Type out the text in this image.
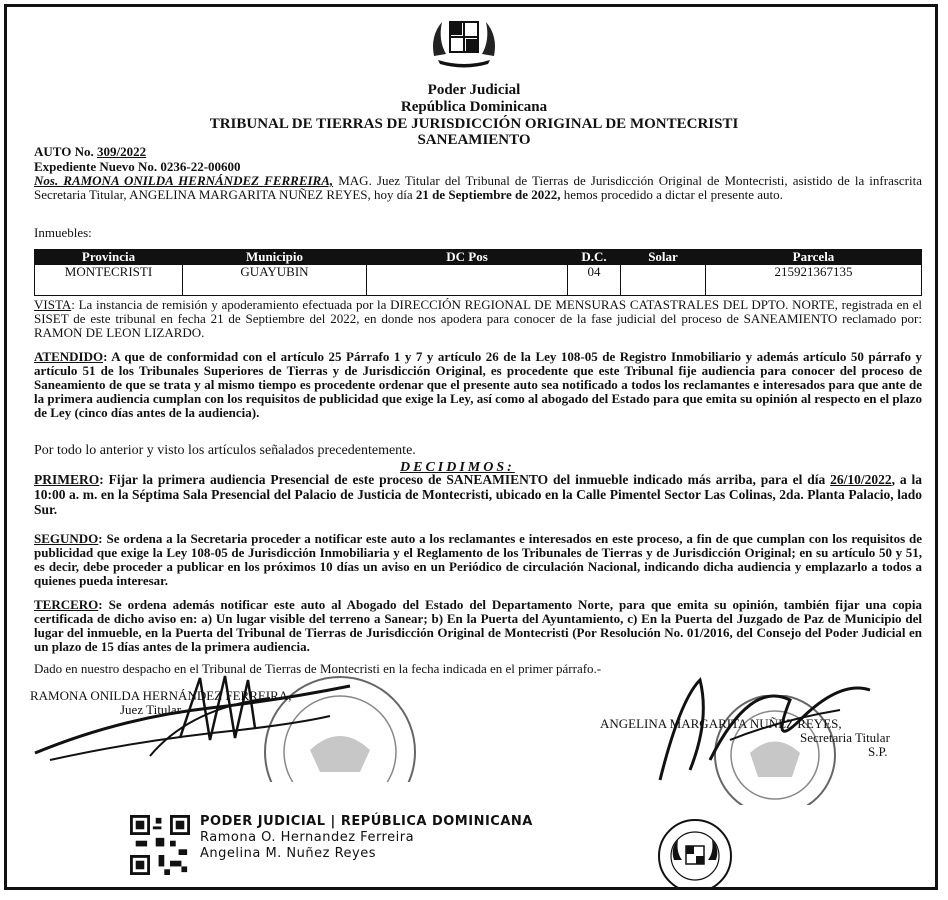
Poder Judicial
República Dominicana
TRIBUNAL DE TIERRAS DE JURISDICCIÓN ORIGINAL DE MONTECRISTI
SANEAMIENTO
AUTO No. 309/2022
Expediente Nuevo No. 0236-22-00600
Nos. RAMONA ONILDA HERNÁNDEZ FERREIRA, MAG. Juez Titular del Tribunal de Tierras de Jurisdicción Original de Montecristi, asistido de la infrascrita Secretaria Titular, ANGELINA MARGARITA NUÑEZ REYES, hoy día 21 de Septiembre de 2022, hemos procedido a dictar el presente auto.
Inmuebles:
Provincia	Municipio	DC Pos	D.C.	Solar	Parcela
MONTECRISTI	GUAYUBIN		04		215921367135
VISTA: La instancia de remisión y apoderamiento efectuada por la DIRECCIÓN REGIONAL DE MENSURAS CATASTRALES DEL DPTO. NORTE, registrada en el SISET de este tribunal en fecha 21 de Septiembre del 2022, en donde nos apodera para conocer de la fase judicial del proceso de SANEAMIENTO reclamado por: RAMON DE LEON LIZARDO.
ATENDIDO: A que de conformidad con el artículo 25 Párrafo 1 y 7 y artículo 26 de la Ley 108-05 de Registro Inmobiliario y además artículo 50 párrafo y artículo 51 de los Tribunales Superiores de Tierras y de Jurisdicción Original, es procedente que este Tribunal fije audiencia para conocer del proceso de Saneamiento de que se trata y al mismo tiempo es procedente ordenar que el presente auto sea notificado a todos los reclamantes e interesados para que ante de la primera audiencia cumplan con los requisitos de publicidad que exige la Ley, así como al abogado del Estado para que emita su opinión al respecto en el plazo de Ley (cinco días antes de la audiencia).
Por todo lo anterior y visto los artículos señalados precedentemente.
DECIDIMOS:
PRIMERO: Fijar la primera audiencia Presencial de este proceso de SANEAMIENTO del inmueble indicado más arriba, para el día 26/10/2022, a la 10:00 a. m. en la Séptima Sala Presencial del Palacio de Justicia de Montecristi, ubicado en la Calle Pimentel Sector Las Colinas, 2da. Planta Palacio, lado Sur.
SEGUNDO: Se ordena a la Secretaria proceder a notificar este auto a los reclamantes e interesados en este proceso, a fin de que cumplan con los requisitos de publicidad que exige la Ley 108-05 de Jurisdicción Inmobiliaria y el Reglamento de los Tribunales de Tierras y de Jurisdicción Original; en su artículo 50 y 51, es decir, debe proceder a publicar en los próximos 10 días un aviso en un Periódico de circulación Nacional, indicando dicha audiencia y emplazarlo a todos a quienes pueda interesar.
TERCERO: Se ordena además notificar este auto al Abogado del Estado del Departamento Norte, para que emita su opinión, también fijar una copia certificada de dicho aviso en: a) Un lugar visible del terreno a Sanear; b) En la Puerta del Ayuntamiento, c) En la Puerta del Juzgado de Paz de Municipio del lugar del inmueble, en la Puerta del Tribunal de Tierras de Jurisdicción Original de Montecristi (Por Resolución No. 01/2016, del Consejo del Poder Judicial en un plazo de 15 días antes de la primera audiencia.
Dado en nuestro despacho en el Tribunal de Tierras de Montecristi en la fecha indicada en el primer párrafo.-
RAMONA ONILDA HERNÁNDEZ FERREIRA,
Juez Titular
ANGELINA MARGARITA NUÑEZ REYES,
Secretaria Titular
S.P.
PODER JUDICIAL | REPÚBLICA DOMINICANA
Ramona O. Hernandez Ferreira
Angelina M. Nuñez Reyes
